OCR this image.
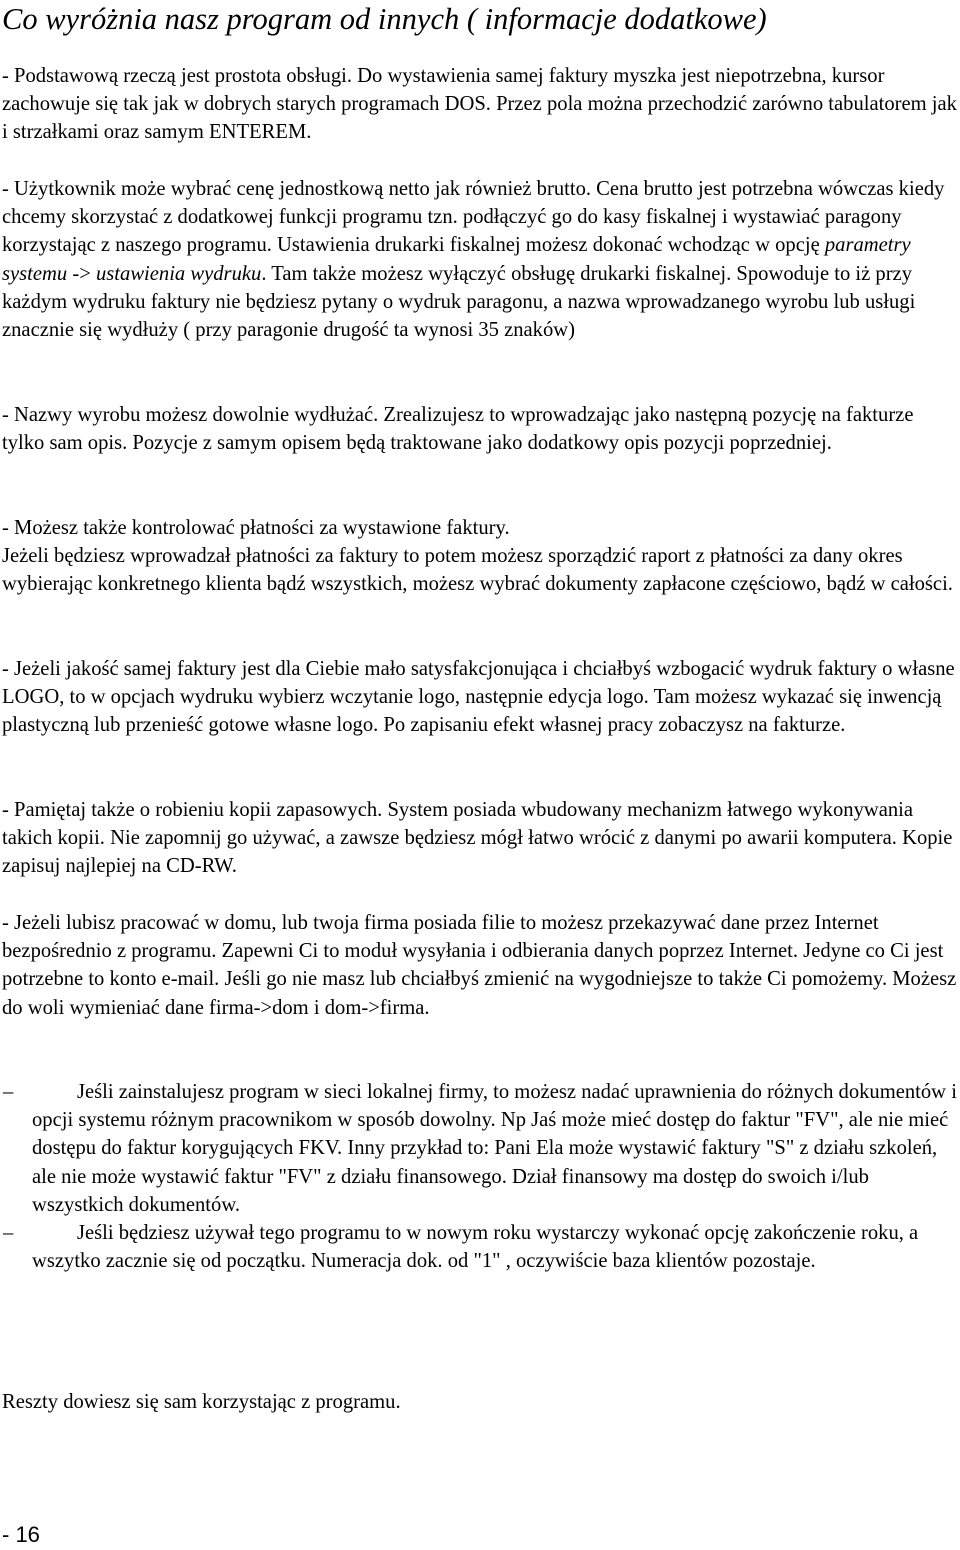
Co wyróżnia nasz program od innych ( informacje dodatkowe)

- Podstawową rzeczą jest prostota obsługi. Do wystawienia samej faktury myszka jest niepotrzebna, kursor zachowuje się tak jak w dobrych starych programach DOS. Przez pola można przechodzić zarówno tabulatorem jak i strzałkami oraz samym ENTEREM.

- Użytkownik może wybrać cenę jednostkową netto jak również brutto. Cena brutto jest potrzebna wówczas kiedy chcemy skorzystać z dodatkowej funkcji programu tzn. podłączyć go do kasy fiskalnej i wystawiać paragony korzystając z naszego programu. Ustawienia drukarki fiskalnej możesz dokonać wchodząc w opcję parametry systemu -> ustawienia wydruku. Tam także możesz wyłączyć obsługę drukarki fiskalnej. Spowoduje to iż przy każdym wydruku faktury nie będziesz pytany o wydruk paragonu, a nazwa wprowadzanego wyrobu lub usługi znacznie się wydłuży ( przy paragonie drugość ta wynosi 35 znaków)

- Nazwy wyrobu możesz dowolnie wydłużać. Zrealizujesz to wprowadzając jako następną pozycję na fakturze tylko sam opis. Pozycje z samym opisem będą traktowane jako dodatkowy opis pozycji poprzedniej.

- Możesz także kontrolować płatności za wystawione faktury.
Jeżeli będziesz wprowadzał płatności za faktury to potem możesz sporządzić raport z płatności za dany okres wybierając konkretnego klienta bądź wszystkich, możesz wybrać dokumenty zapłacone częściowo, bądź w całości.

- Jeżeli jakość samej faktury jest dla Ciebie mało satysfakcjonująca i chciałbyś wzbogacić wydruk faktury o własne LOGO, to w opcjach wydruku wybierz wczytanie logo, następnie edycja logo. Tam możesz wykazać się inwencją plastyczną lub przenieść gotowe własne logo. Po zapisaniu efekt własnej pracy zobaczysz na fakturze.

- Pamiętaj także o robieniu kopii zapasowych. System posiada wbudowany mechanizm łatwego wykonywania takich kopii. Nie zapomnij go używać, a zawsze będziesz mógł łatwo wrócić z danymi po awarii komputera. Kopie zapisuj najlepiej na CD-RW.

- Jeżeli lubisz pracować w domu, lub twoja firma posiada filie to możesz przekazywać dane przez Internet bezpośrednio z programu. Zapewni Ci to moduł wysyłania i odbierania danych poprzez Internet. Jedyne co Ci jest potrzebne to konto e-mail. Jeśli go nie masz lub chciałbyś zmienić na wygodniejsze to także Ci pomożemy. Możesz do woli wymieniać dane firma->dom i dom->firma.

–	Jeśli zainstalujesz program w sieci lokalnej firmy, to możesz nadać uprawnienia do różnych dokumentów i opcji systemu różnym pracownikom w sposób dowolny. Np Jaś może mieć dostęp do faktur "FV", ale nie mieć dostępu do faktur korygujących FKV. Inny przykład to: Pani Ela może wystawić faktury "S" z działu szkoleń, ale nie może wystawić faktur "FV" z działu finansowego. Dział finansowy ma dostęp do swoich i/lub wszystkich dokumentów.
–	Jeśli będziesz używał tego programu to w nowym roku wystarczy wykonać opcję zakończenie roku, a wszytko zacznie się od początku. Numeracja dok. od "1" , oczywiście baza klientów pozostaje.

Reszty dowiesz się sam korzystając z programu.

- 16
